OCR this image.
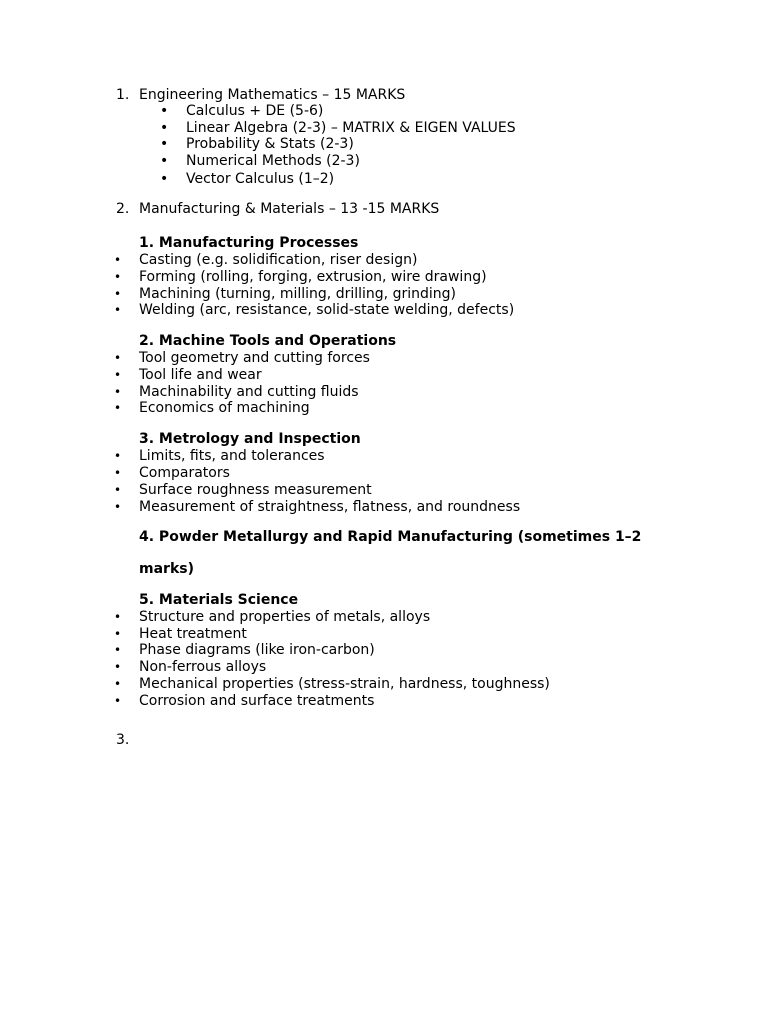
1. Engineering Mathematics – 15 MARKS
• Calculus + DE (5-6)
• Linear Algebra (2-3) – MATRIX & EIGEN VALUES
• Probability & Stats (2-3)
• Numerical Methods (2-3)
• Vector Calculus (1–2)
2. Manufacturing & Materials – 13 -15 MARKS
1. Manufacturing Processes
• Casting (e.g. solidification, riser design)
• Forming (rolling, forging, extrusion, wire drawing)
• Machining (turning, milling, drilling, grinding)
• Welding (arc, resistance, solid-state welding, defects)
2. Machine Tools and Operations
• Tool geometry and cutting forces
• Tool life and wear
• Machinability and cutting fluids
• Economics of machining
3. Metrology and Inspection
• Limits, fits, and tolerances
• Comparators
• Surface roughness measurement
• Measurement of straightness, flatness, and roundness
4. Powder Metallurgy and Rapid Manufacturing (sometimes 1–2
marks)
5. Materials Science
• Structure and properties of metals, alloys
• Heat treatment
• Phase diagrams (like iron-carbon)
• Non-ferrous alloys
• Mechanical properties (stress-strain, hardness, toughness)
• Corrosion and surface treatments
3.
